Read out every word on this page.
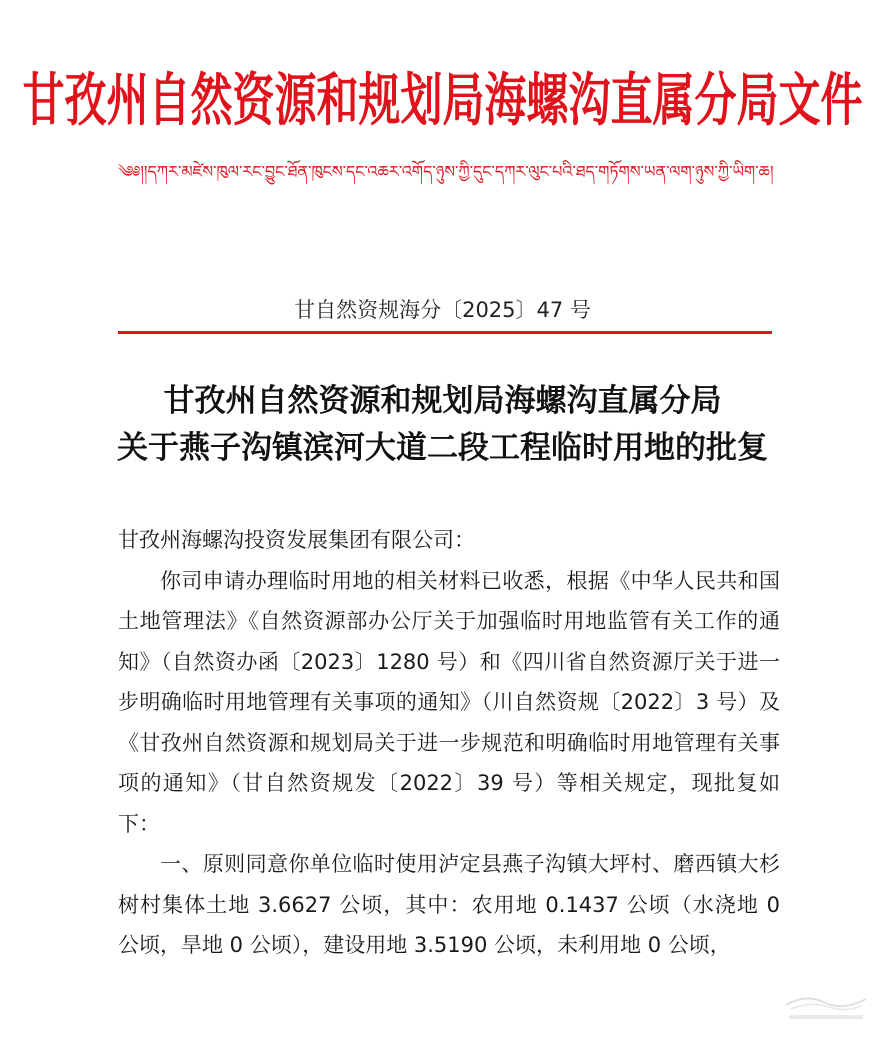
甘孜州自然资源和规划局海螺沟直属分局文件
༄༅།།དཀར་མཛེས་ཁུལ་རང་བྱུང་ཐོན་ཁུངས་དང་འཆར་འགོད་ཉུས་ཀྱི་དུང་དཀར་ལུང་པའི་ཐད་གཏོགས་ཡན་ལག་ཉུས་ཀྱི་ཡིག་ཆ།
甘自然资规海分〔2025〕47 号
甘孜州自然资源和规划局海螺沟直属分局
关于燕子沟镇滨河大道二段工程临时用地的批复

甘孜州海螺沟投资发展集团有限公司：

你司申请办理临时用地的相关材料已收悉，根据《中华人民共和国土地管理法》《自然资源部办公厅关于加强临时用地监管有关工作的通知》（自然资办函〔2023〕1280 号）和《四川省自然资源厅关于进一步明确临时用地管理有关事项的通知》（川自然资规〔2022〕3 号）及《甘孜州自然资源和规划局关于进一步规范和明确临时用地管理有关事项的通知》（甘自然资规发〔2022〕39 号）等相关规定，现批复如下：

一、原则同意你单位临时使用泸定县燕子沟镇大坪村、磨西镇大杉树村集体土地 3.6627 公顷，其中：农用地 0.1437 公顷（水浇地 0 公顷，旱地 0 公顷），建设用地 3.5190 公顷，未利用地 0 公顷，
